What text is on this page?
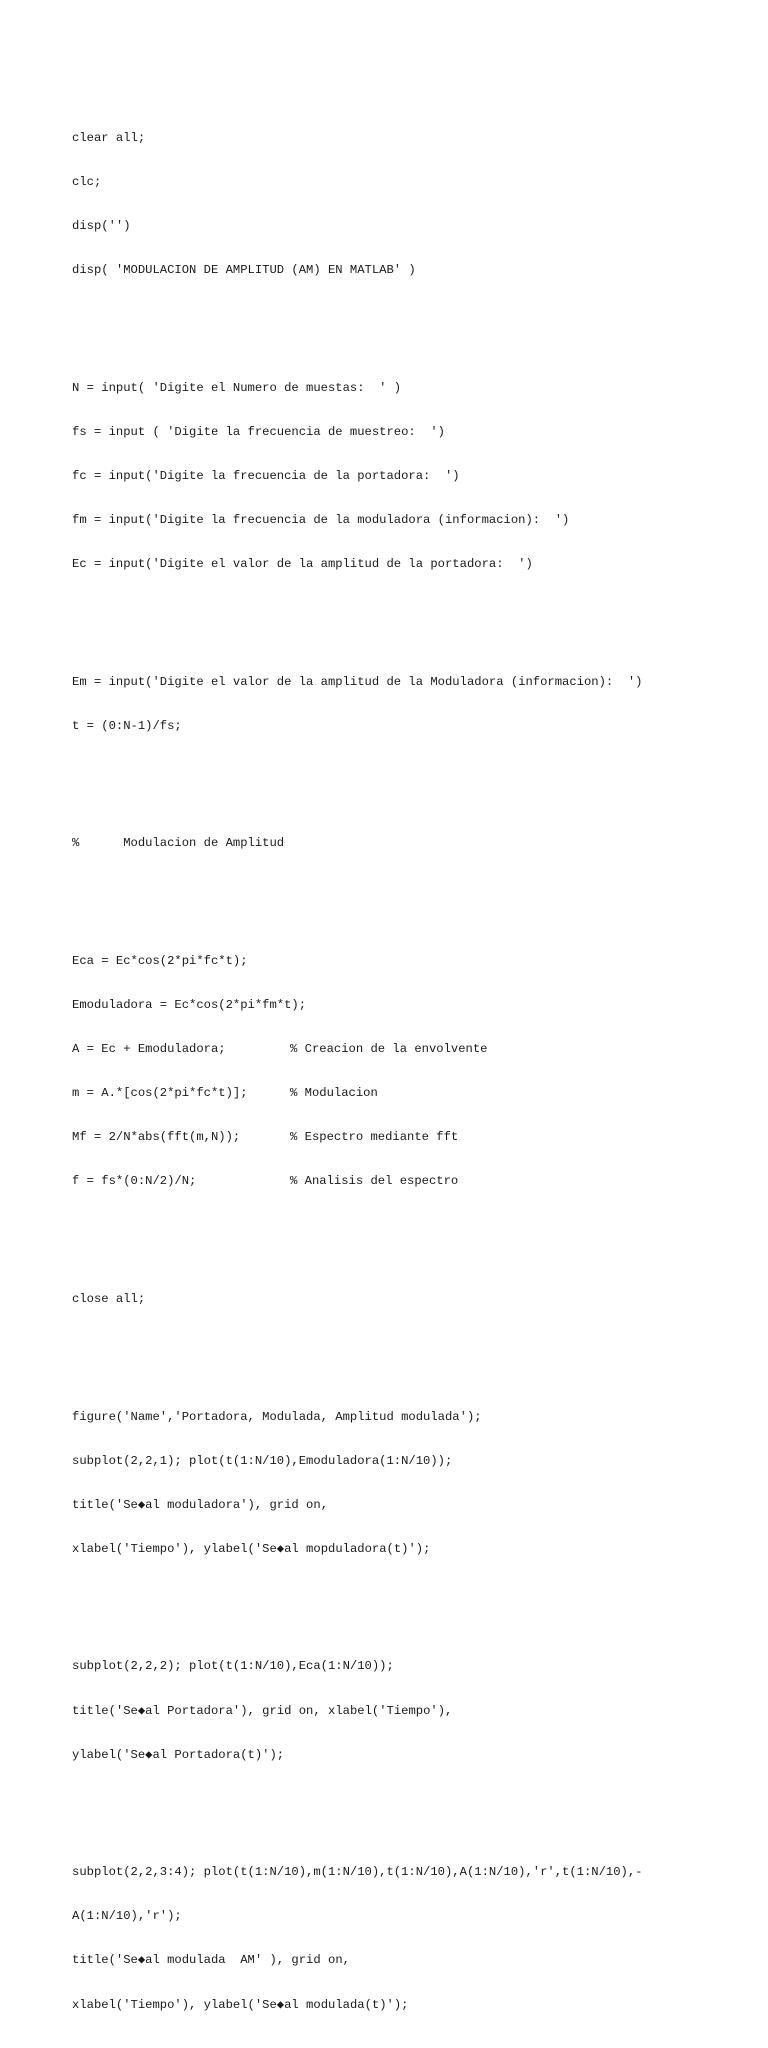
clear all;

clc;

disp('')

disp( 'MODULACION DE AMPLITUD (AM) EN MATLAB' )

N = input( 'Digite el Numero de muestas:  ' )

fs = input ( 'Digite la frecuencia de muestreo:  ')

fc = input('Digite la frecuencia de la portadora:  ')

fm = input('Digite la frecuencia de la moduladora (informacion):  ')

Ec = input('Digite el valor de la amplitud de la portadora:  ')

Em = input('Digite el valor de la amplitud de la Moduladora (informacion):  ')

t = (0:N-1)/fs;

%      Modulacion de Amplitud

Eca = Ec*cos(2*pi*fc*t);

Emoduladora = Ec*cos(2*pi*fm*t);

A = Ec + Emoduladora;	% Creacion de la envolvente

m = A.*[cos(2*pi*fc*t)];	% Modulacion

Mf = 2/N*abs(fft(m,N));	% Espectro mediante fft

f = fs*(0:N/2)/N;	% Analisis del espectro

close all;

figure('Name','Portadora, Modulada, Amplitud modulada');

subplot(2,2,1); plot(t(1:N/10),Emoduladora(1:N/10));

title('Se◆al moduladora'), grid on,

xlabel('Tiempo'), ylabel('Se◆al mopduladora(t)');

subplot(2,2,2); plot(t(1:N/10),Eca(1:N/10));

title('Se◆al Portadora'), grid on, xlabel('Tiempo'),

ylabel('Se◆al Portadora(t)');

subplot(2,2,3:4); plot(t(1:N/10),m(1:N/10),t(1:N/10),A(1:N/10),'r',t(1:N/10),-

A(1:N/10),'r');

title('Se◆al modulada  AM' ), grid on,

xlabel('Tiempo'), ylabel('Se◆al modulada(t)');
